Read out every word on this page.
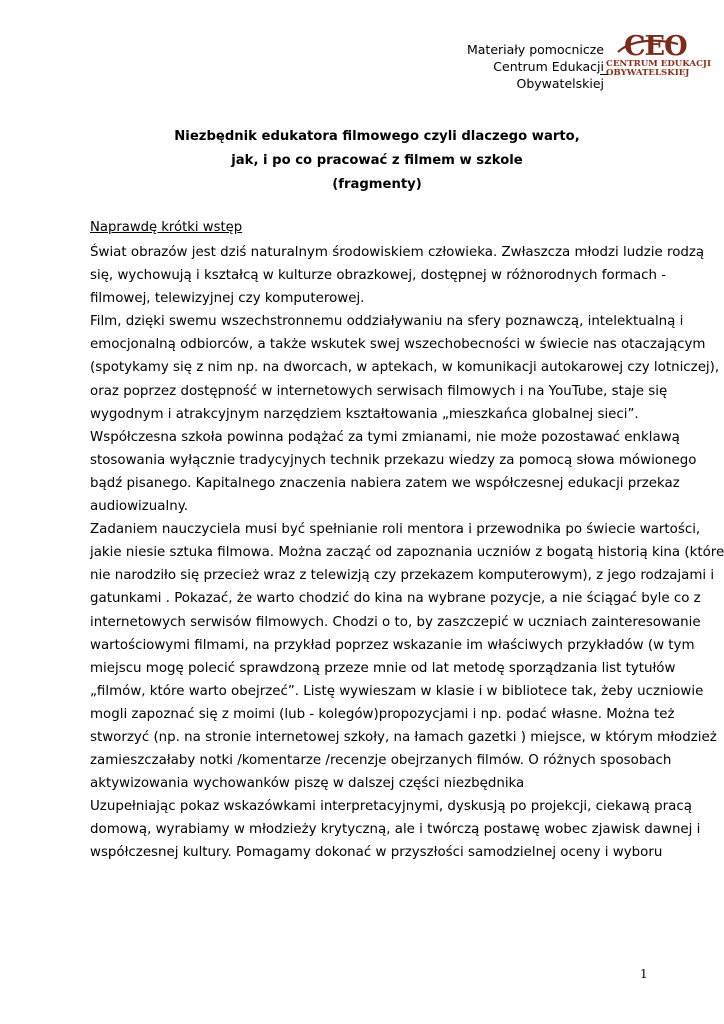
Materiały pomocnicze
Centrum Edukacji Obywatelskiej
CEO
CENTRUM EDUKACJI
OBYWATELSKIEJ
Niezbędnik edukatora filmowego czyli dlaczego warto,
jak, i po co pracować z filmem w szkole
(fragmenty)
Naprawdę krótki wstęp

Świat obrazów jest dziś naturalnym środowiskiem człowieka. Zwłaszcza młodzi ludzie rodzą
się, wychowują i kształcą w kulturze obrazkowej, dostępnej w różnorodnych formach -
filmowej, telewizyjnej czy komputerowej.

Film, dzięki swemu wszechstronnemu oddziaływaniu na sfery poznawczą, intelektualną i
emocjonalną odbiorców, a także wskutek swej wszechobecności w świecie nas otaczającym
(spotykamy się z nim np. na dworcach, w aptekach, w komunikacji autokarowej czy lotniczej),
oraz poprzez dostępność w internetowych serwisach filmowych i na YouTube, staje się
wygodnym i atrakcyjnym narzędziem kształtowania „mieszkańca globalnej sieci”.

Współczesna szkoła powinna podążać za tymi zmianami, nie może pozostawać enklawą
stosowania wyłącznie tradycyjnych technik przekazu wiedzy za pomocą słowa mówionego
bądź pisanego. Kapitalnego znaczenia nabiera zatem we współczesnej edukacji przekaz
audiowizualny.

Zadaniem nauczyciela musi być spełnianie roli mentora i przewodnika po świecie wartości,
jakie niesie sztuka filmowa. Można zacząć od zapoznania uczniów z bogatą historią kina (które
nie narodziło się przecież wraz z telewizją czy przekazem komputerowym), z jego rodzajami i
gatunkami . Pokazać, że warto chodzić do kina na wybrane pozycje, a nie ściągać byle co z
internetowych serwisów filmowych. Chodzi o to, by zaszczepić w uczniach zainteresowanie
wartościowymi filmami, na przykład poprzez wskazanie im właściwych przykładów (w tym
miejscu mogę polecić sprawdzoną przeze mnie od lat metodę sporządzania list tytułów
„filmów, które warto obejrzeć”. Listę wywieszam w klasie i w bibliotece tak, żeby uczniowie
mogli zapoznać się z moimi (lub - kolegów)propozycjami i np. podać własne. Można też
stworzyć (np. na stronie internetowej szkoły, na łamach gazetki ) miejsce, w którym młodzież
zamieszczałaby notki /komentarze /recenzje obejrzanych filmów. O różnych sposobach
aktywizowania wychowanków piszę w dalszej części niezbędnika

Uzupełniając pokaz wskazówkami interpretacyjnymi, dyskusją po projekcji, ciekawą pracą
domową, wyrabiamy w młodzieży krytyczną, ale i twórczą postawę wobec zjawisk dawnej i
współczesnej kultury. Pomagamy dokonać w przyszłości samodzielnej oceny i wyboru

1
